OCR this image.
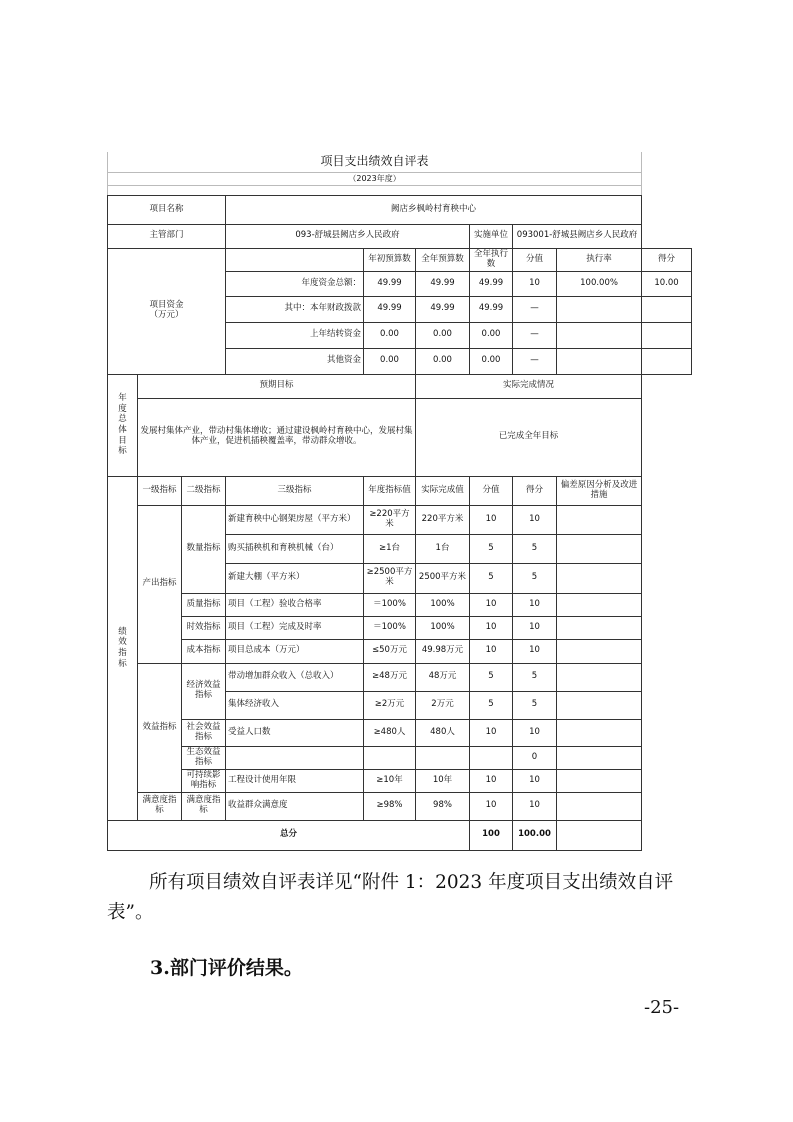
项目支出绩效自评表									
（2023年度）									

项目名称			阙店乡枫岭村育秧中心						
主管部门			093-舒城县阙店乡人民政府			实施单位	093001-舒城县阙店乡人民政府		
项目资金
（万元）				年初预算数	全年预算数	全年执行数	分值	执行率	得分
			年度资金总额：	49.99	49.99	49.99	10	100.00%	10.00
			其中：本年财政拨款	49.99	49.99	49.99	—		
			上年结转资金	0.00	0.00	0.00	—		
			其他资金	0.00	0.00	0.00	—		
年度总体目标	预期目标				实际完成情况				
	发展村集体产业，带动村集体增收；通过建设枫岭村育秧中心，发展村集体产业，促进机插秧覆盖率，带动群众增收。				已完成全年目标				
绩效指标	一级指标	二级指标	三级指标	年度指标值	实际完成值	分值	得分	偏差原因分析及改进措施	
	产出指标	数量指标	新建育秧中心钢架房屋（平方米）	≥220平方米	220平方米	10	10		
			购买插秧机和育秧机械（台）	≥1台	1台	5	5		
			新建大棚（平方米）	≥2500平方米	2500平方米	5	5		
		质量指标	项目（工程）验收合格率	＝100%	100%	10	10		
		时效指标	项目（工程）完成及时率	＝100%	100%	10	10		
		成本指标	项目总成本（万元）	≤50万元	49.98万元	10	10		
	效益指标	经济效益指标	带动增加群众收入（总收入）	≥48万元	48万元	5	5		
			集体经济收入	≥2万元	2万元	5	5		
		社会效益指标	受益人口数	≥480人	480人	10	10		
		生态效益指标					0		
		可持续影响指标	工程设计使用年限	≥10年	10年	10	10		
	满意度指标	满意度指标	收益群众满意度	≥98%	98%	10	10		
总分						100	100.00		
所有项目绩效自评表详见“附件 1：2023 年度项目支出绩效自评表”。
3.部门评价结果。
-25-
